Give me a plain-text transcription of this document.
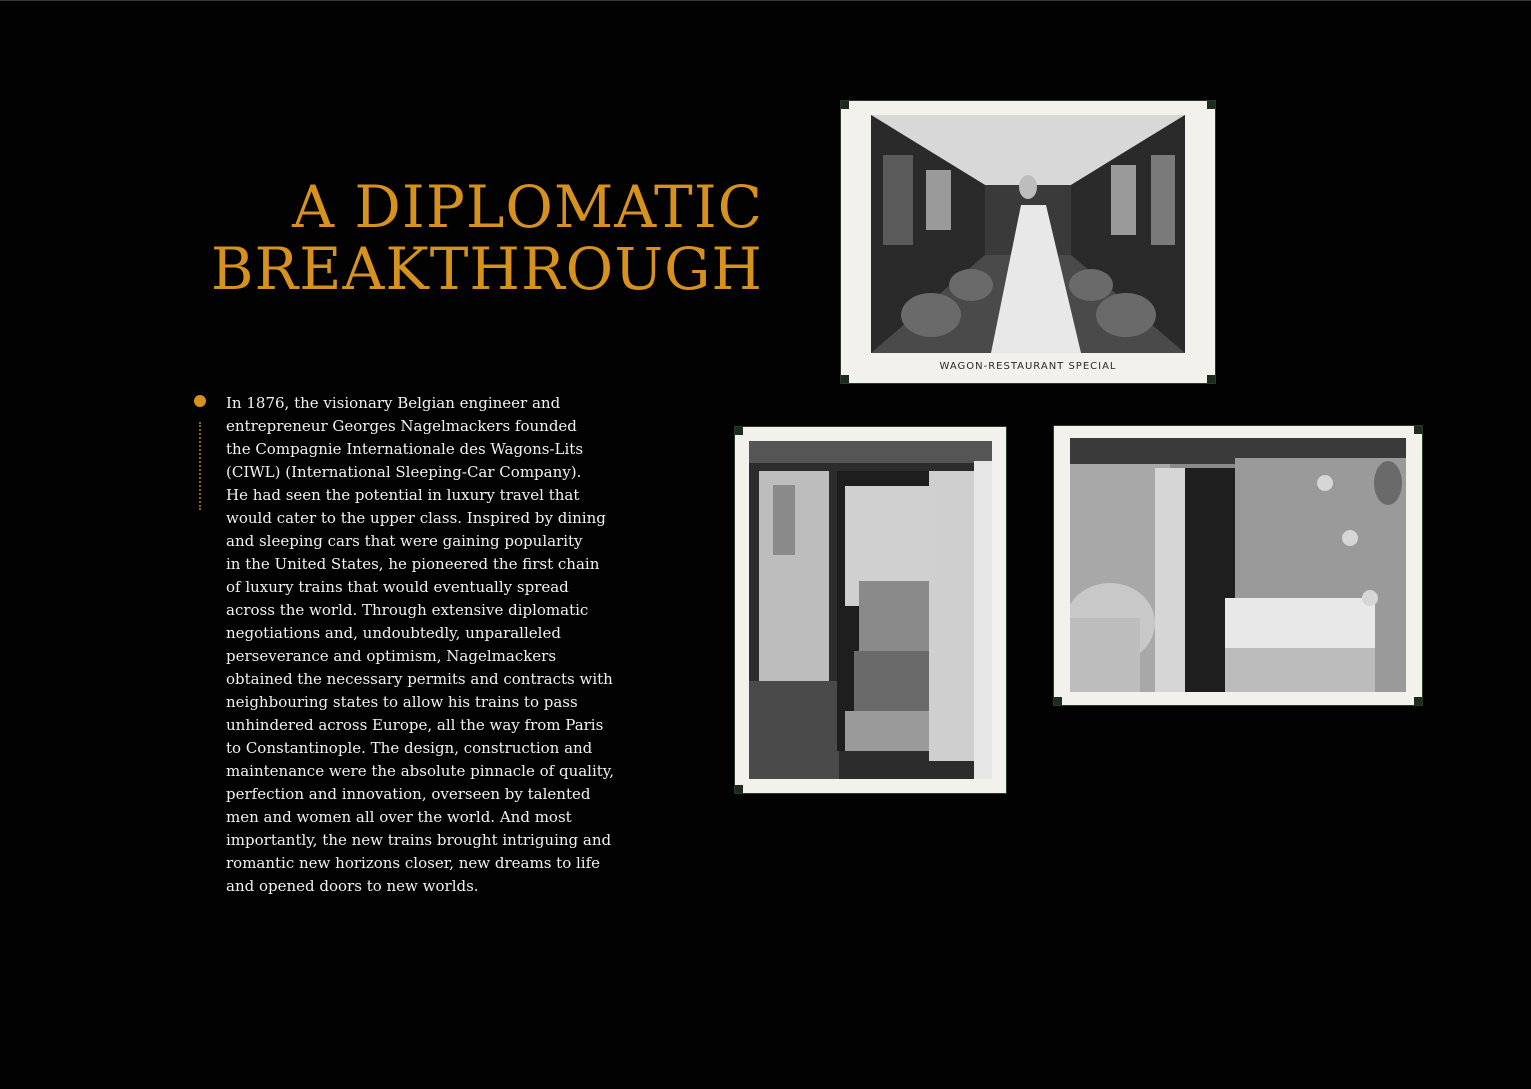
A DIPLOMATIC
BREAKTHROUGH

In 1876, the visionary Belgian engineer and
entrepreneur Georges Nagelmackers founded
the Compagnie Internationale des Wagons-Lits
(CIWL) (International Sleeping-Car Company).
He had seen the potential in luxury travel that
would cater to the upper class. Inspired by dining
and sleeping cars that were gaining popularity
in the United States, he pioneered the first chain
of luxury trains that would eventually spread
across the world. Through extensive diplomatic
negotiations and, undoubtedly, unparalleled
perseverance and optimism, Nagelmackers
obtained the necessary permits and contracts with
neighbouring states to allow his trains to pass
unhindered across Europe, all the way from Paris
to Constantinople. The design, construction and
maintenance were the absolute pinnacle of quality,
perfection and innovation, overseen by talented
men and women all over the world. And most
importantly, the new trains brought intriguing and
romantic new horizons closer, new dreams to life
and opened doors to new worlds.

WAGON-RESTAURANT SPECIAL
